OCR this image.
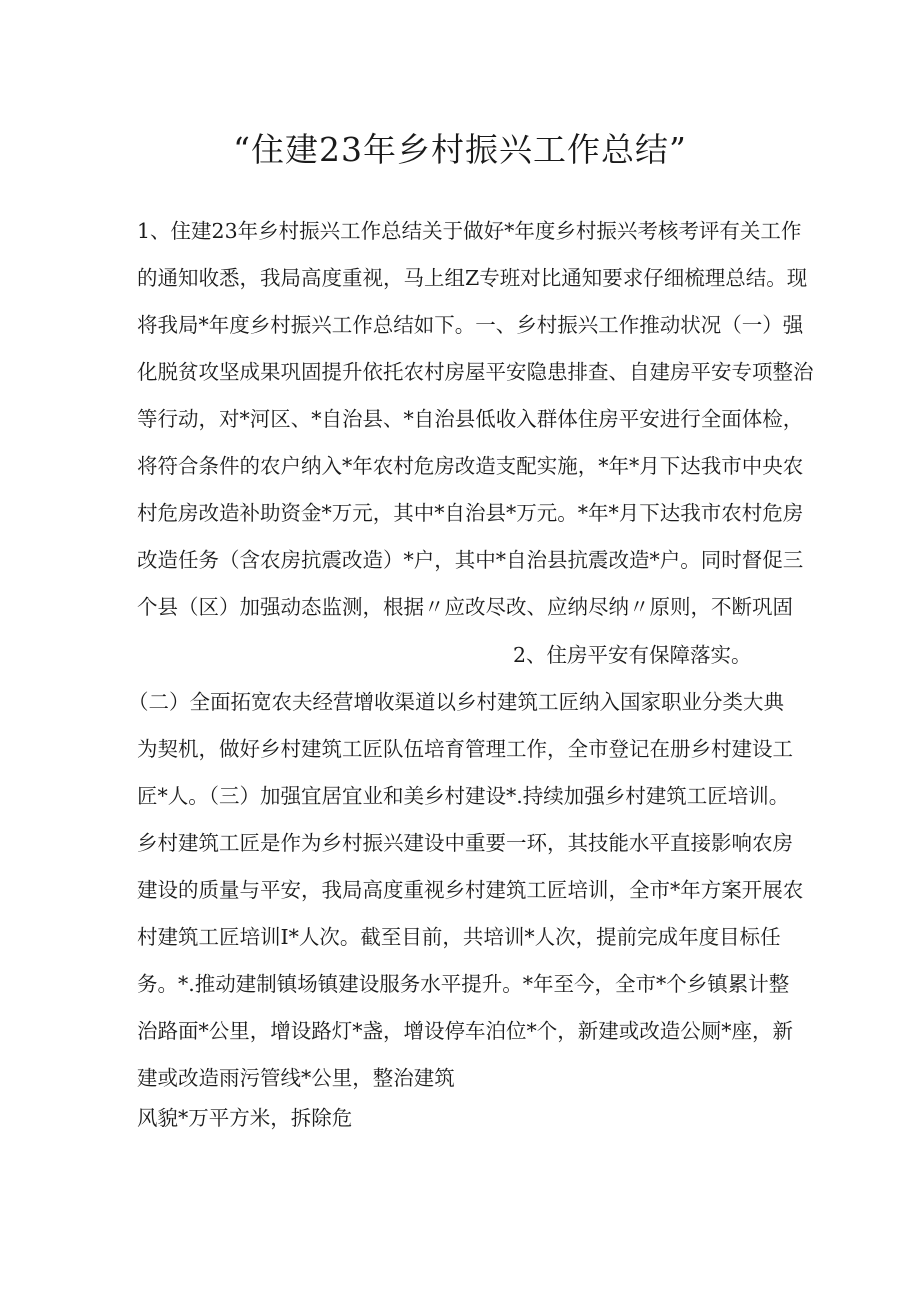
“住建23年乡村振兴工作总结”
1、住建23年乡村振兴工作总结关于做好*年度乡村振兴考核考评有关工作
的通知收悉，我局高度重视，马上组Z专班对比通知要求仔细梳理总结。现
将我局*年度乡村振兴工作总结如下。一、乡村振兴工作推动状况（一）强
化脱贫攻坚成果巩固提升依托农村房屋平安隐患排查、自建房平安专项整治
等行动，对*河区、*自治县、*自治县低收入群体住房平安进行全面体检，
将符合条件的农户纳入*年农村危房改造支配实施，*年*月下达我市中央农
村危房改造补助资金*万元，其中*自治县*万元。*年*月下达我市农村危房
改造任务（含农房抗震改造）*户，其中*自治县抗震改造*户。同时督促三
个县（区）加强动态监测，根据〃应改尽改、应纳尽纳〃原则，不断巩固
2、住房平安有保障落实。
（二）全面拓宽农夫经营增收渠道以乡村建筑工匠纳入国家职业分类大典
为契机，做好乡村建筑工匠队伍培育管理工作，全市登记在册乡村建设工
匠*人。（三）加强宜居宜业和美乡村建设*.持续加强乡村建筑工匠培训。
乡村建筑工匠是作为乡村振兴建设中重要一环，其技能水平直接影响农房
建设的质量与平安，我局高度重视乡村建筑工匠培训，全市*年方案开展农
村建筑工匠培训I*人次。截至目前，共培训*人次，提前完成年度目标任
务。*.推动建制镇场镇建设服务水平提升。*年至今，全市*个乡镇累计整
治路面*公里，增设路灯*盏，增设停车泊位*个，新建或改造公厕*座，新
建或改造雨污管线*公里，整治建筑
风貌*万平方米，拆除危
